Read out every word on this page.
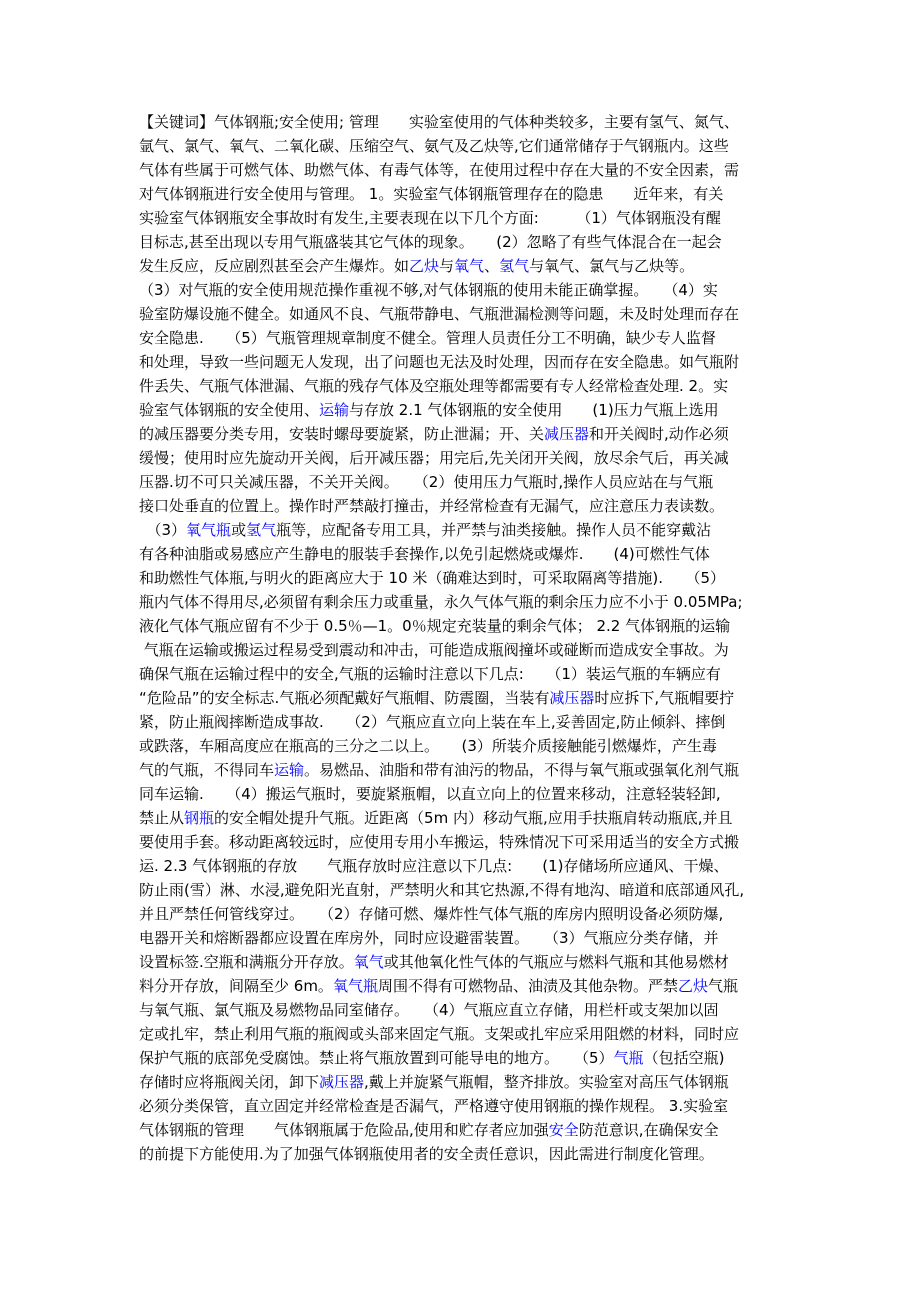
【关键词】气体钢瓶;安全使用; 管理　　实验室使用的气体种类较多，主要有氢气、氮气、
氩气、氯气、氧气、二氧化碳、压缩空气、氨气及乙炔等,它们通常储存于气钢瓶内。这些
气体有些属于可燃气体、助燃气体、有毒气体等，在使用过程中存在大量的不安全因素，需
对气体钢瓶进行安全使用与管理。 1。实验室气体钢瓶管理存在的隐患　　近年来，有关
实验室气体钢瓶安全事故时有发生,主要表现在以下几个方面:　　　（1）气体钢瓶没有醒
目标志,甚至出现以专用气瓶盛装其它气体的现象。　　(2）忽略了有些气体混合在一起会
发生反应，反应剧烈甚至会产生爆炸。如乙炔与氧气、氢气与氧气、氯气与乙炔等。
（3）对气瓶的安全使用规范操作重视不够,对气体钢瓶的使用未能正确掌握。　　（4）实
验室防爆设施不健全。如通风不良、气瓶带静电、气瓶泄漏检测等问题，未及时处理而存在
安全隐患.　　（5）气瓶管理规章制度不健全。管理人员责任分工不明确，缺少专人监督
和处理，导致一些问题无人发现，出了问题也无法及时处理，因而存在安全隐患。如气瓶附
件丢失、气瓶气体泄漏、气瓶的残存气体及空瓶处理等都需要有专人经常检查处理. 2。实
验室气体钢瓶的安全使用、运输与存放 2.1 气体钢瓶的安全使用　　(1)压力气瓶上选用
的减压器要分类专用，安装时螺母要旋紧，防止泄漏；开、关减压器和开关阀时,动作必须
缓慢；使用时应先旋动开关阀，后开减压器；用完后,先关闭开关阀，放尽余气后，再关减
压器.切不可只关减压器，不关开关阀。　　（2）使用压力气瓶时,操作人员应站在与气瓶
接口处垂直的位置上。操作时严禁敲打撞击，并经常检查有无漏气，应注意压力表读数。
　（3）氧气瓶或氢气瓶等，应配备专用工具，并严禁与油类接触。操作人员不能穿戴沾
有各种油脂或易感应产生静电的服装手套操作,以免引起燃烧或爆炸.　　(4)可燃性气体
和助燃性气体瓶,与明火的距离应大于 10 米（确难达到时，可采取隔离等措施).　　（5）
瓶内气体不得用尽,必须留有剩余压力或重量，永久气体气瓶的剩余压力应不小于 0.05MPa;
液化气体气瓶应留有不少于 0.5％—1。0％规定充装量的剩余气体； 2.2 气体钢瓶的运输
气瓶在运输或搬运过程易受到震动和冲击，可能造成瓶阀撞坏或碰断而造成安全事故。为
确保气瓶在运输过程中的安全,气瓶的运输时注意以下几点:　　（1）装运气瓶的车辆应有
“危险品”的安全标志.气瓶必须配戴好气瓶帽、防震圈，当装有减压器时应拆下,气瓶帽要拧
紧，防止瓶阀摔断造成事故.　　（2）气瓶应直立向上装在车上,妥善固定,防止倾斜、摔倒
或跌落，车厢高度应在瓶高的三分之二以上。　　(3）所装介质接触能引燃爆炸，产生毒
气的气瓶，不得同车运输。易燃品、油脂和带有油污的物品，不得与氧气瓶或强氧化剂气瓶
同车运输.　　（4）搬运气瓶时，要旋紧瓶帽，以直立向上的位置来移动，注意轻装轻卸,
禁止从钢瓶的安全帽处提升气瓶。近距离（5m 内）移动气瓶,应用手扶瓶肩转动瓶底,并且
要使用手套。移动距离较远时，应使用专用小车搬运，特殊情况下可采用适当的安全方式搬
运. 2.3 气体钢瓶的存放　　气瓶存放时应注意以下几点:　　(1)存储场所应通风、干燥、
防止雨(雪）淋、水浸,避免阳光直射，严禁明火和其它热源,不得有地沟、暗道和底部通风孔,
并且严禁任何管线穿过。　　（2）存储可燃、爆炸性气体气瓶的库房内照明设备必须防爆,
电器开关和熔断器都应设置在库房外，同时应设避雷装置。　　（3）气瓶应分类存储，并
设置标签.空瓶和满瓶分开存放。氧气或其他氧化性气体的气瓶应与燃料气瓶和其他易燃材
料分开存放，间隔至少 6m。氧气瓶周围不得有可燃物品、油渍及其他杂物。严禁乙炔气瓶
与氧气瓶、氯气瓶及易燃物品同室储存。　　（4）气瓶应直立存储，用栏杆或支架加以固
定或扎牢，禁止利用气瓶的瓶阀或头部来固定气瓶。支架或扎牢应采用阻燃的材料，同时应
保护气瓶的底部免受腐蚀。禁止将气瓶放置到可能导电的地方。　　（5）气瓶（包括空瓶)
存储时应将瓶阀关闭，卸下减压器,戴上并旋紧气瓶帽，整齐排放。实验室对高压气体钢瓶
必须分类保管，直立固定并经常检查是否漏气，严格遵守使用钢瓶的操作规程。 3.实验室
气体钢瓶的管理　　气体钢瓶属于危险品,使用和贮存者应加强安全防范意识,在确保安全
的前提下方能使用.为了加强气体钢瓶使用者的安全责任意识，因此需进行制度化管理。
